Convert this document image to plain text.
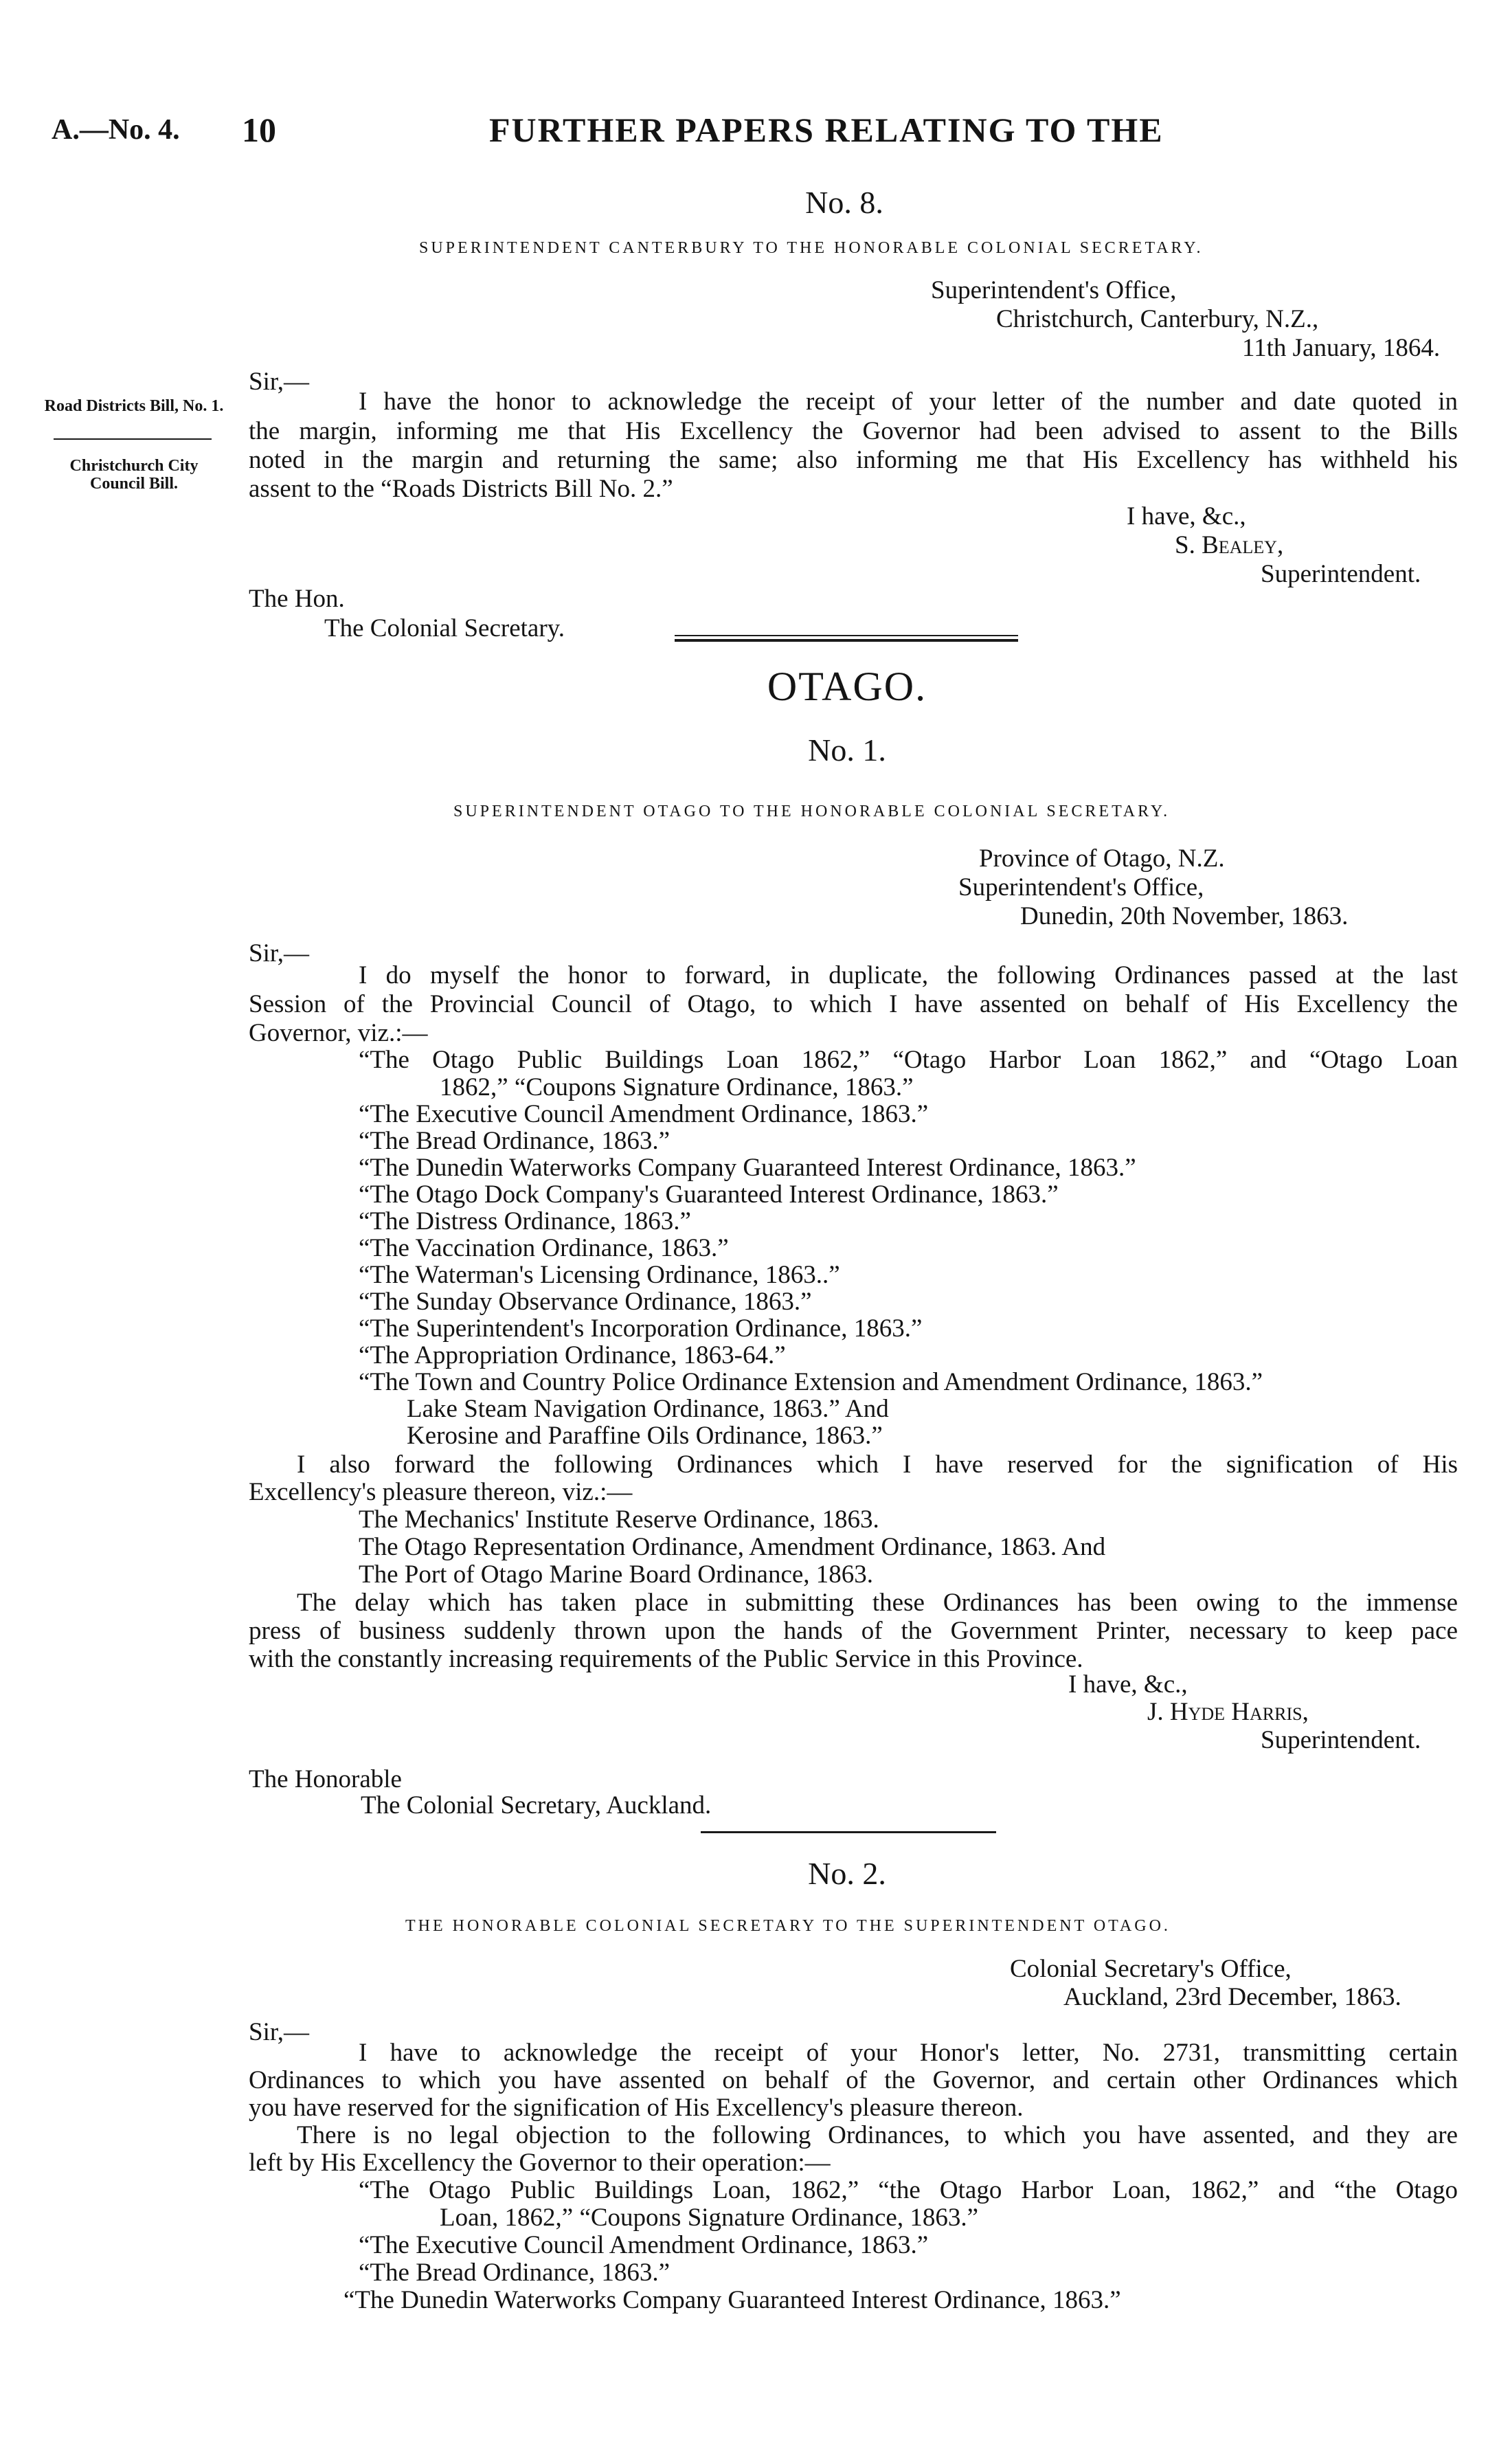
A.—No. 4. 10	FURTHER PAPERS RELATING TO THE
No. 8.
SUPERINTENDENT CANTERBURY TO THE HONORABLE COLONIAL SECRETARY.
Superintendent's Office,
Christchurch, Canterbury, N.Z.,
11th January, 1864.
Sir,—
Road Districts Bill, No. 1.
Christchurch City Council Bill.
I have the honor to acknowledge the receipt of your letter of the number and date quoted in
the margin, informing me that His Excellency the Governor had been advised to assent to the Bills
noted in the margin and returning the same; also informing me that His Excellency has withheld his
assent to the “Roads Districts Bill No. 2.”
I have, &c.,
S. Bealey,
Superintendent.
The Hon.
The Colonial Secretary.
OTAGO.
No. 1.
SUPERINTENDENT OTAGO TO THE HONORABLE COLONIAL SECRETARY.
Province of Otago, N.Z.
Superintendent's Office,
Dunedin, 20th November, 1863.
Sir,—
I do myself the honor to forward, in duplicate, the following Ordinances passed at the last
Session of the Provincial Council of Otago, to which I have assented on behalf of His Excellency the
Governor, viz.:—
“The Otago Public Buildings Loan 1862,” “Otago Harbor Loan 1862,” and “Otago Loan
1862,” “Coupons Signature Ordinance, 1863.”
“The Executive Council Amendment Ordinance, 1863.”
“The Bread Ordinance, 1863.”
“The Dunedin Waterworks Company Guaranteed Interest Ordinance, 1863.”
“The Otago Dock Company's Guaranteed Interest Ordinance, 1863.”
“The Distress Ordinance, 1863.”
“The Vaccination Ordinance, 1863.”
“The Waterman's Licensing Ordinance, 1863..”
“The Sunday Observance Ordinance, 1863.”
“The Superintendent's Incorporation Ordinance, 1863.”
“The Appropriation Ordinance, 1863-64.”
“The Town and Country Police Ordinance Extension and Amendment Ordinance, 1863.”
Lake Steam Navigation Ordinance, 1863.” And
Kerosine and Paraffine Oils Ordinance, 1863.”
I also forward the following Ordinances which I have reserved for the signification of His
Excellency's pleasure thereon, viz.:—
The Mechanics' Institute Reserve Ordinance, 1863.
The Otago Representation Ordinance, Amendment Ordinance, 1863. And
The Port of Otago Marine Board Ordinance, 1863.
The delay which has taken place in submitting these Ordinances has been owing to the immense
press of business suddenly thrown upon the hands of the Government Printer, necessary to keep pace
with the constantly increasing requirements of the Public Service in this Province.
I have, &c.,
J. Hyde Harris,
Superintendent.
The Honorable
The Colonial Secretary, Auckland.
No. 2.
THE HONORABLE COLONIAL SECRETARY TO THE SUPERINTENDENT OTAGO.
Colonial Secretary's Office,
Auckland, 23rd December, 1863.
Sir,—
I have to acknowledge the receipt of your Honor's letter, No. 2731, transmitting certain
Ordinances to which you have assented on behalf of the Governor, and certain other Ordinances which
you have reserved for the signification of His Excellency's pleasure thereon.
There is no legal objection to the following Ordinances, to which you have assented, and they are
left by His Excellency the Governor to their operation:—
“The Otago Public Buildings Loan, 1862,” “the Otago Harbor Loan, 1862,” and “the Otago
Loan, 1862,” “Coupons Signature Ordinance, 1863.”
“The Executive Council Amendment Ordinance, 1863.”
“The Bread Ordinance, 1863.”
“The Dunedin Waterworks Company Guaranteed Interest Ordinance, 1863.”
